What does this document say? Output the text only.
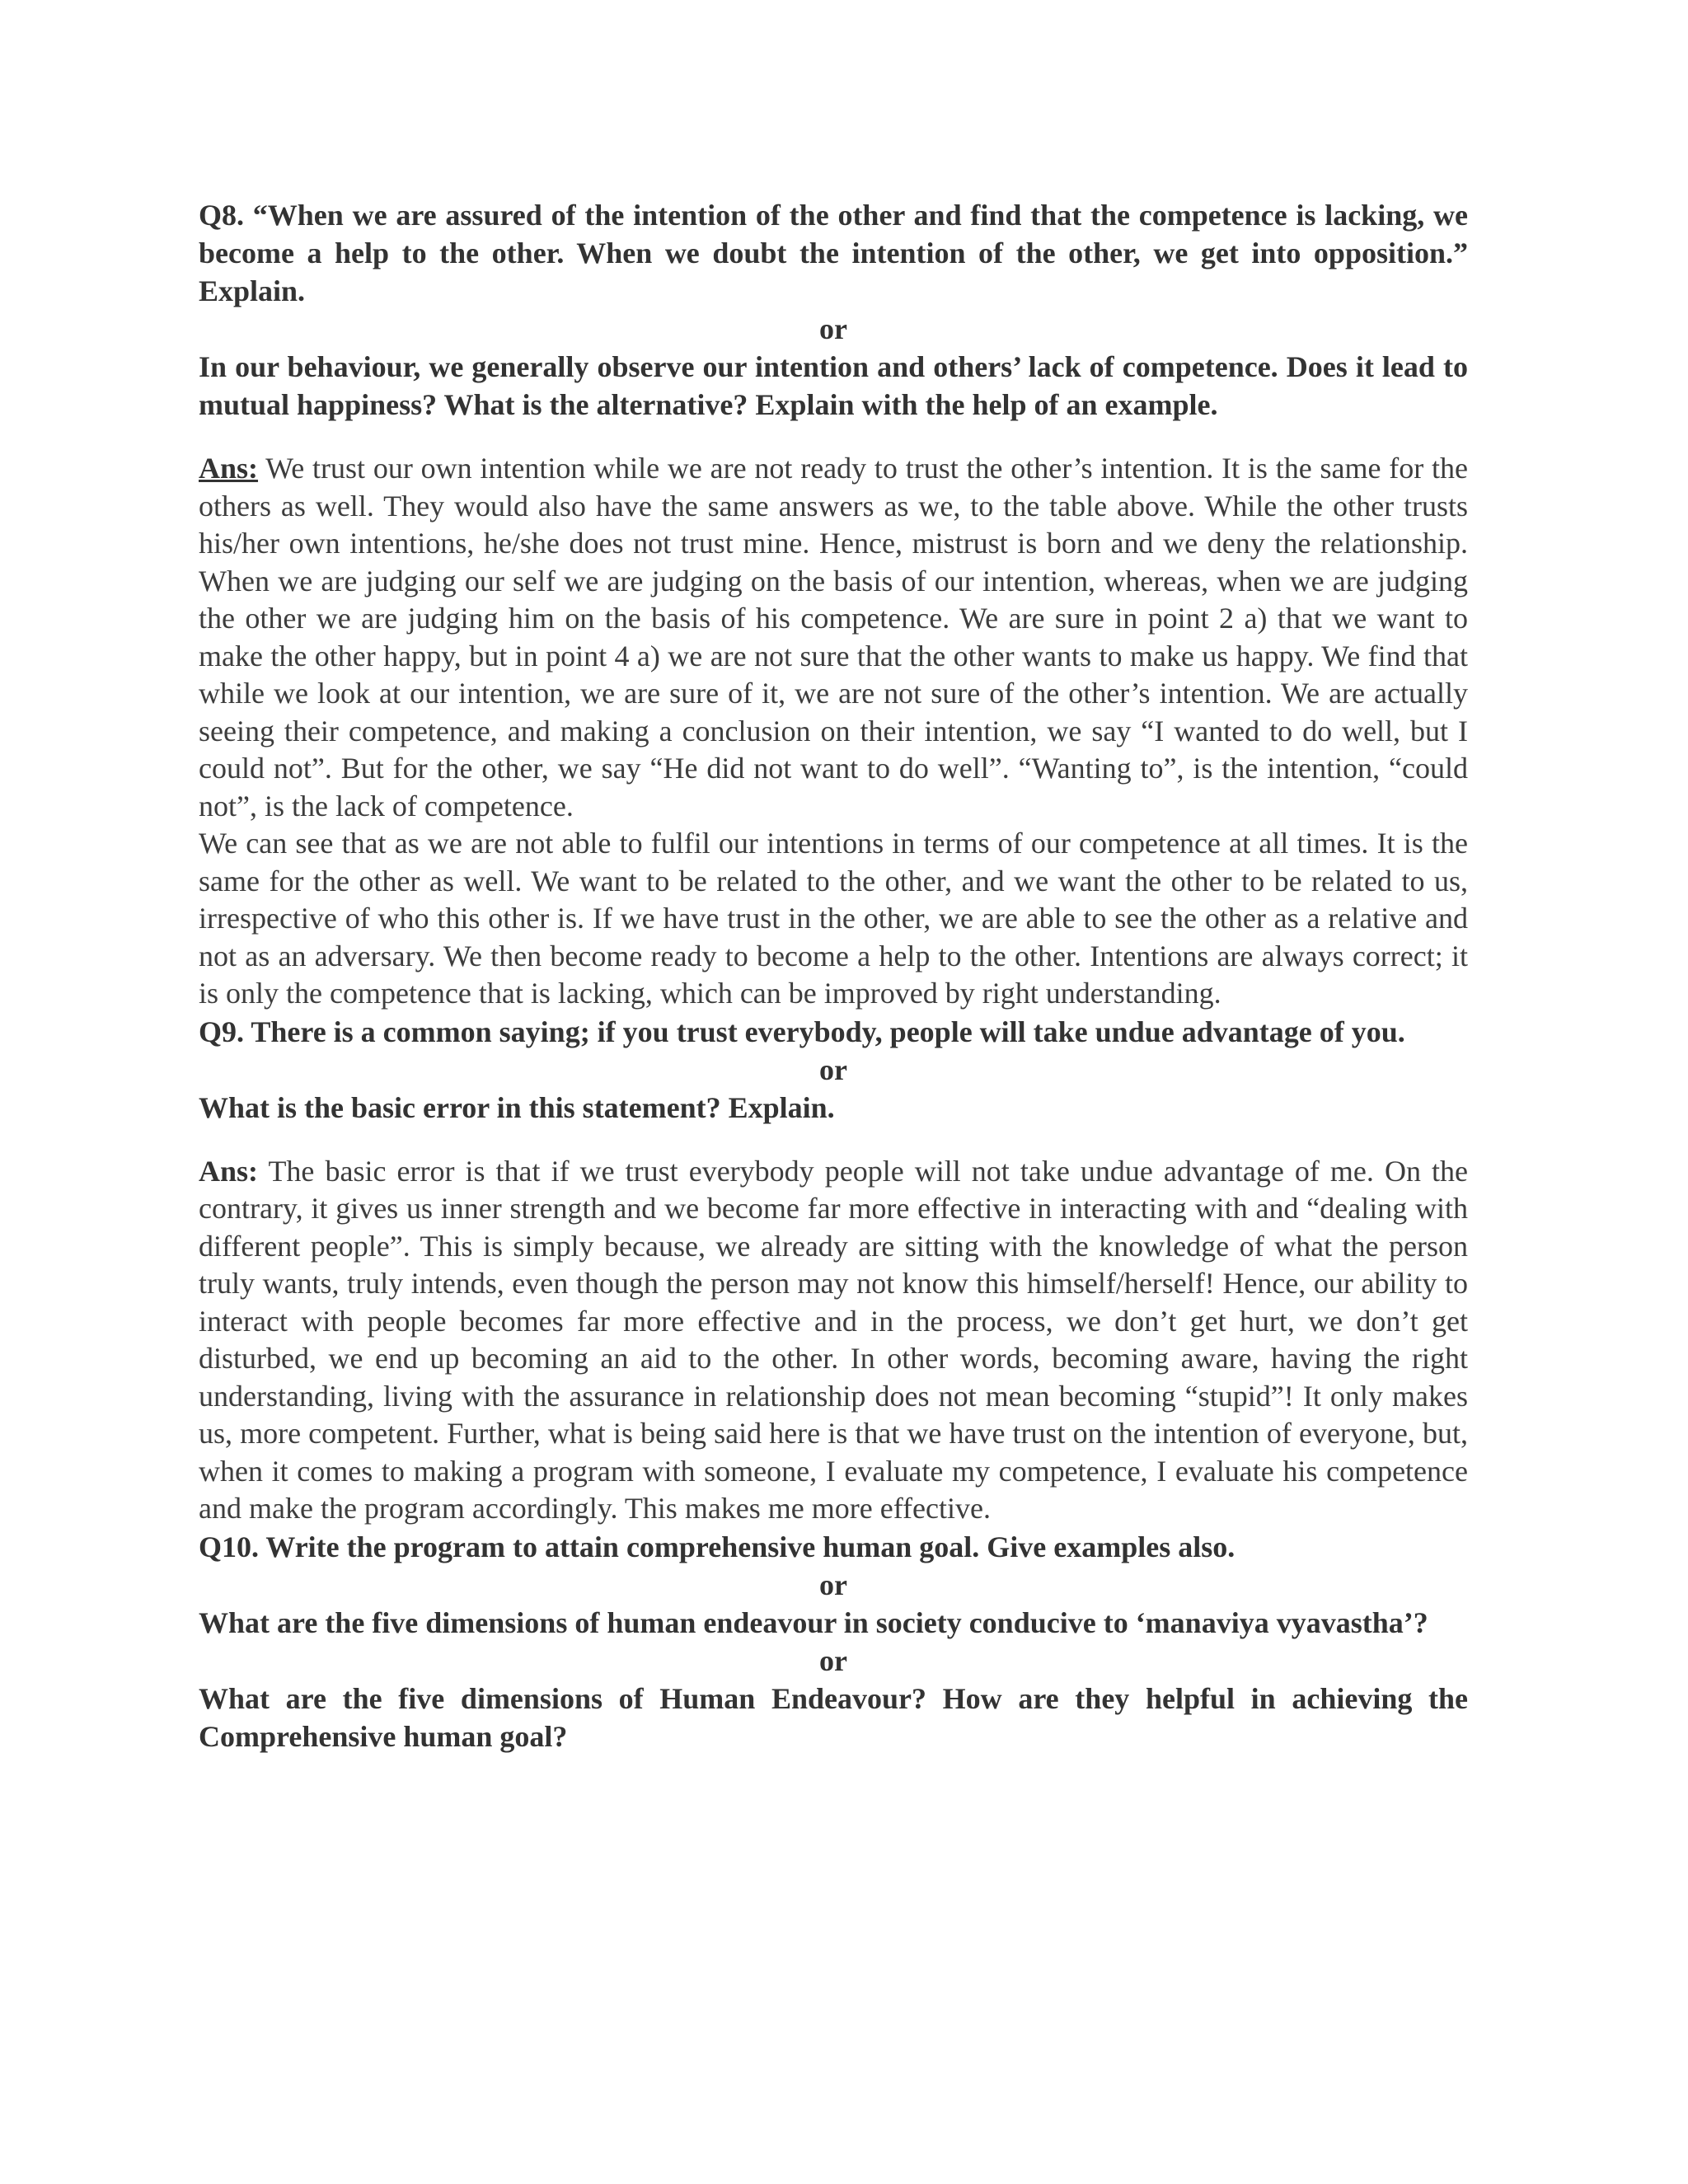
Q8. “When we are assured of the intention of the other and find that the competence is lacking, we become a help to the other. When we doubt the intention of the other, we get into opposition.” Explain.

or

In our behaviour, we generally observe our intention and others’ lack of competence. Does it lead to mutual happiness? What is the alternative? Explain with the help of an example.

Ans: We trust our own intention while we are not ready to trust the other’s intention. It is the same for the others as well. They would also have the same answers as we, to the table above. While the other trusts his/her own intentions, he/she does not trust mine. Hence, mistrust is born and we deny the relationship. When we are judging our self we are judging on the basis of our intention, whereas, when we are judging the other we are judging him on the basis of his competence. We are sure in point 2 a) that we want to make the other happy, but in point 4 a) we are not sure that the other wants to make us happy. We find that while we look at our intention, we are sure of it, we are not sure of the other’s intention. We are actually seeing their competence, and making a conclusion on their intention, we say “I wanted to do well, but I could not”. But for the other, we say “He did not want to do well”. “Wanting to”, is the intention, “could not”, is the lack of competence.

We can see that as we are not able to fulfil our intentions in terms of our competence at all times. It is the same for the other as well. We want to be related to the other, and we want the other to be related to us, irrespective of who this other is. If we have trust in the other, we are able to see the other as a relative and not as an adversary. We then become ready to become a help to the other. Intentions are always correct; it is only the competence that is lacking, which can be improved by right understanding.

Q9. There is a common saying; if you trust everybody, people will take undue advantage of you.

or

What is the basic error in this statement? Explain.

Ans: The basic error is that if we trust everybody people will not take undue advantage of me. On the contrary, it gives us inner strength and we become far more effective in interacting with and “dealing with different people”. This is simply because, we already are sitting with the knowledge of what the person truly wants, truly intends, even though the person may not know this himself/herself! Hence, our ability to interact with people becomes far more effective and in the process, we don’t get hurt, we don’t get disturbed, we end up becoming an aid to the other. In other words, becoming aware, having the right understanding, living with the assurance in relationship does not mean becoming “stupid”! It only makes us, more competent. Further, what is being said here is that we have trust on the intention of everyone, but, when it comes to making a program with someone, I evaluate my competence, I evaluate his competence and make the program accordingly. This makes me more effective.

Q10. Write the program to attain comprehensive human goal. Give examples also.

or

What are the five dimensions of human endeavour in society conducive to ‘manaviya vyavastha’?

or

What are the five dimensions of Human Endeavour? How are they helpful in achieving the Comprehensive human goal?
